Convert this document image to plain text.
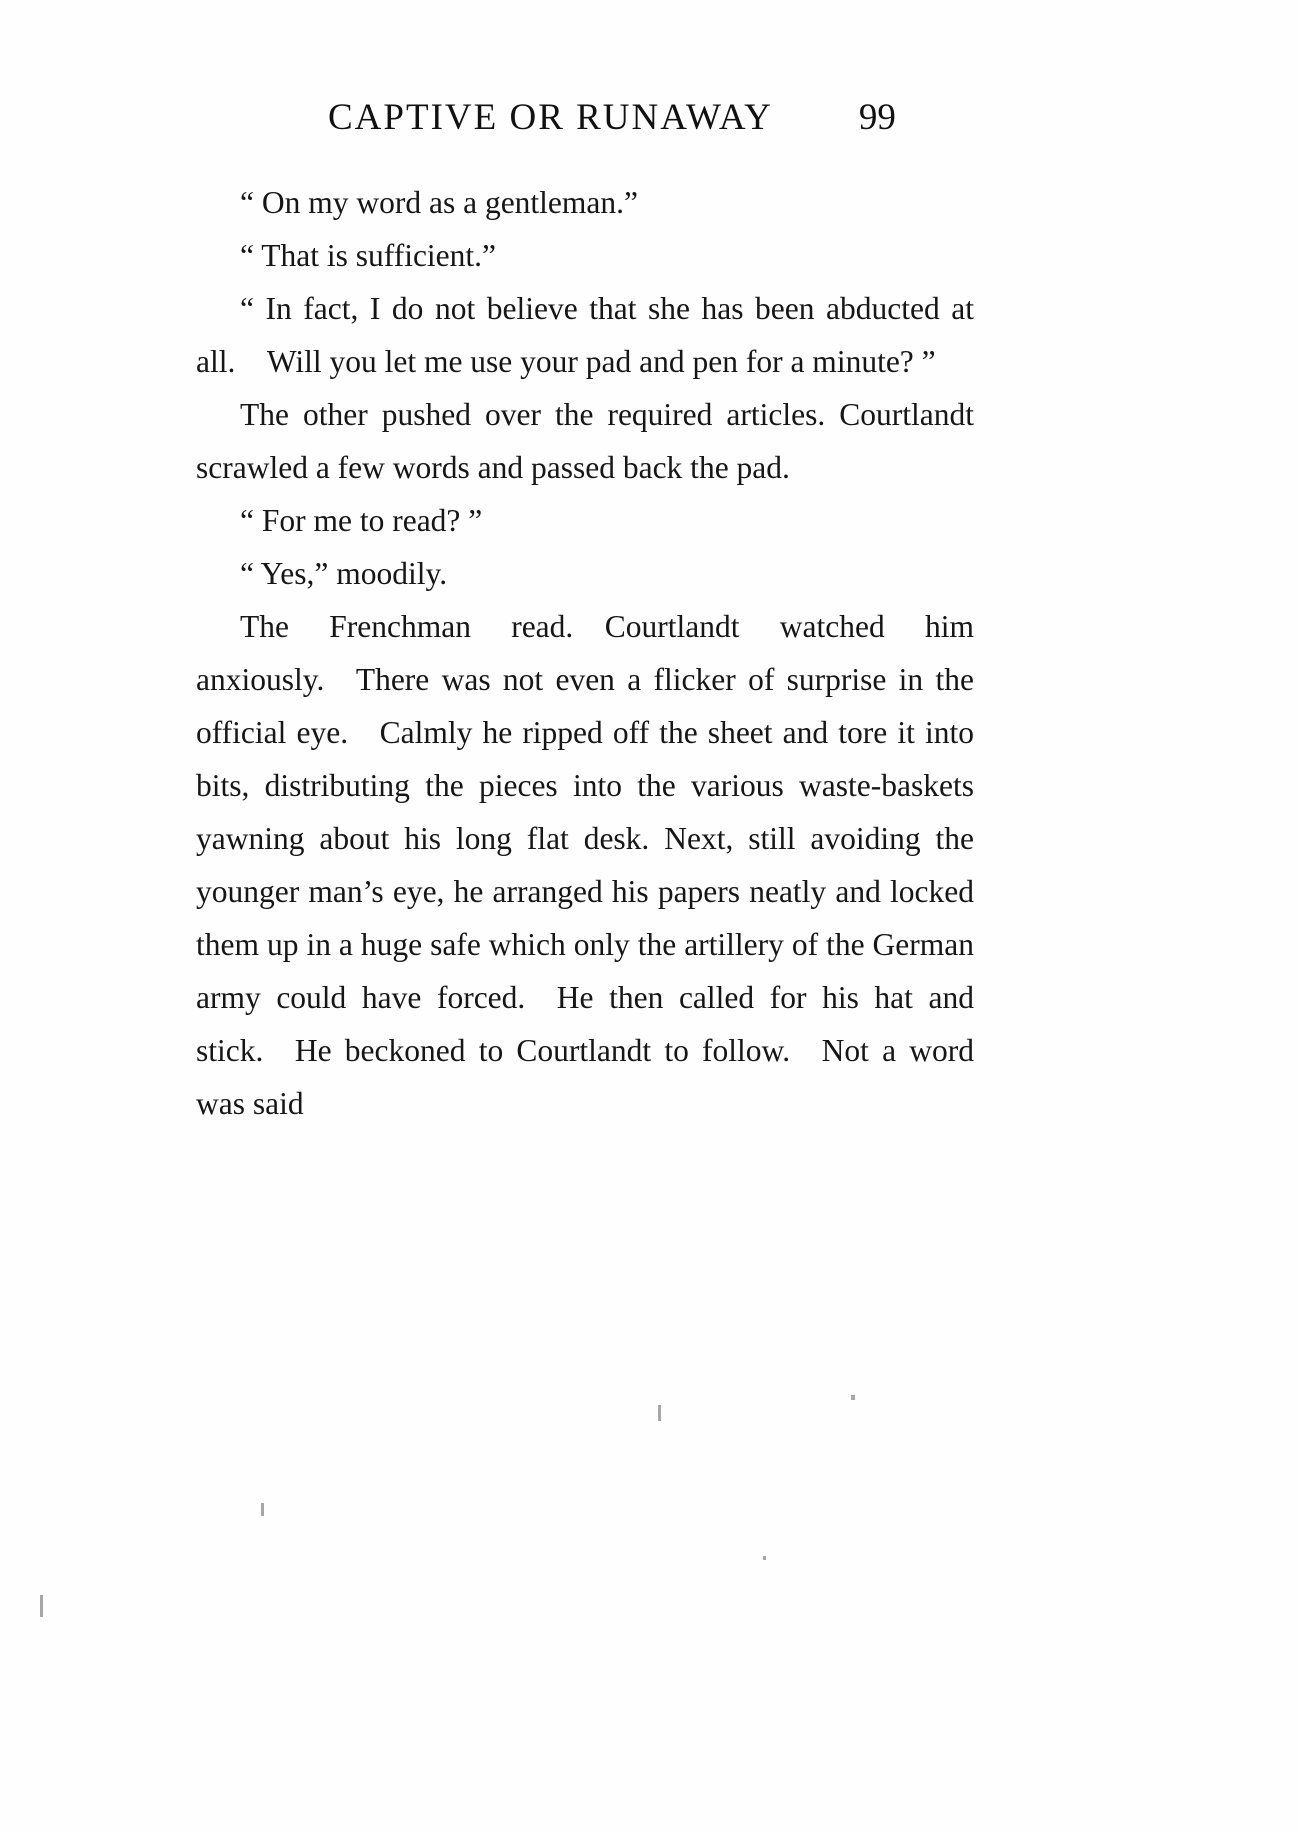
CAPTIVE OR RUNAWAY 99

“ On my word as a gentleman.”

“ That is sufficient.”

“ In fact, I do not believe that she has been abducted at all. Will you let me use your pad and pen for a minute? ”

The other pushed over the required articles. Courtlandt scrawled a few words and passed back the pad.

“ For me to read? ”

“ Yes,” moodily.

The Frenchman read. Courtlandt watched him anxiously. There was not even a flicker of surprise in the official eye. Calmly he ripped off the sheet and tore it into bits, distributing the pieces into the various waste-baskets yawning about his long flat desk. Next, still avoiding the younger man’s eye, he arranged his papers neatly and locked them up in a huge safe which only the artillery of the German army could have forced. He then called for his hat and stick. He beckoned to Courtlandt to follow. Not a word was said
